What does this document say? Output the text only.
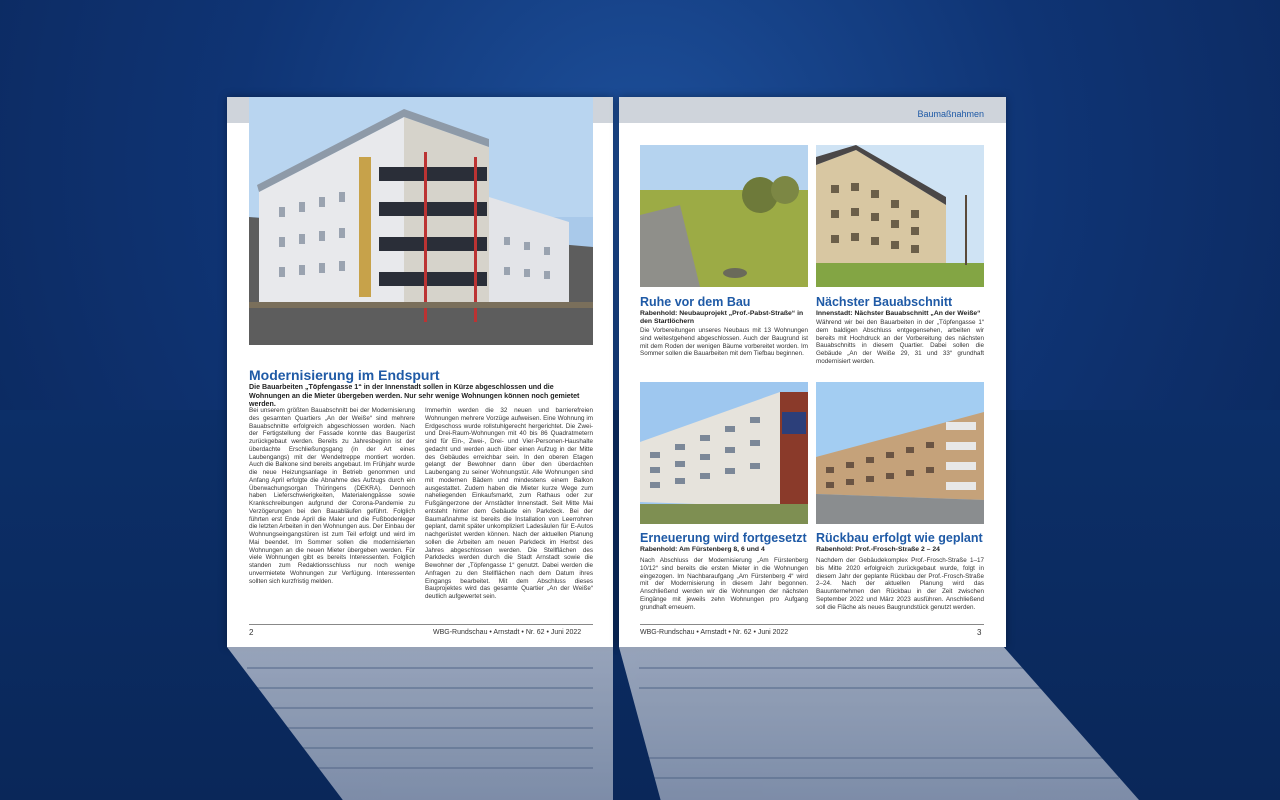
Modernisierung im Endspurt
Die Bauarbeiten „Töpfengasse 1“ in der Innenstadt sollen in Kürze abgeschlossen und die Wohnungen an die Mieter übergeben werden. Nur sehr wenige Wohnungen können noch gemietet werden.
Bei unserem größten Bauabschnitt bei der Modernisierung des gesamten Quartiers „An der Weiße“ sind mehrere Bauabschnitte erfolgreich abgeschlossen worden. Nach der Fertigstellung der Fassade konnte das Baugerüst zurückgebaut werden. Bereits zu Jahresbeginn ist der überdachte Erschließungsgang (in der Art eines Laubengangs) mit der Wendeltreppe montiert worden. Auch die Balkone sind bereits angebaut. Im Frühjahr wurde die neue Heizungsanlage in Betrieb genommen und Anfang April erfolgte die Abnahme des Aufzugs durch ein Überwachungsorgan Thüringens (DEKRA). Dennoch haben Lieferschwierigkeiten, Materialengpässe sowie Krankschreibungen aufgrund der Corona-Pandemie zu Verzögerungen bei den Bauabläufen geführt. Folglich führten erst Ende April die Maler und die Fußbodenleger die letzten Arbeiten in den Wohnungen aus. Der Einbau der Wohnungseingangstüren ist zum Teil erfolgt und wird im Mai beendet. Im Sommer sollen die modernisierten Wohnungen an die neuen Mieter übergeben werden. Für viele Wohnungen gibt es bereits Interessenten. Folglich standen zum Redaktionsschluss nur noch wenige unvermietete Wohnungen zur Verfügung. Interessenten sollten sich kurzfristig melden.
Immerhin werden die 32 neuen und barrierefreien Wohnungen mehrere Vorzüge aufweisen. Eine Wohnung im Erdgeschoss wurde rollstuhlgerecht hergerichtet. Die Zwei- und Drei-Raum-Wohnungen mit 40 bis 86 Quadratmetern sind für Ein-, Zwei-, Drei- und Vier-Personen-Haushalte gedacht und werden auch über einen Aufzug in der Mitte des Gebäudes erreichbar sein. In den oberen Etagen gelangt der Bewohner dann über den überdachten Laubengang zu seiner Wohnungstür. Alle Wohnungen sind mit modernen Bädern und mindestens einem Balkon ausgestattet. Zudem haben die Mieter kurze Wege zum naheliegenden Einkaufsmarkt, zum Rathaus oder zur Fußgängerzone der Arnstädter Innenstadt. Seit Mitte Mai entsteht hinter dem Gebäude ein Parkdeck. Bei der Baumaßnahme ist bereits die Installation von Leerrohren geplant, damit später unkompliziert Ladesäulen für E-Autos nachgerüstet werden können. Nach der aktuellen Planung sollen die Arbeiten am neuen Parkdeck im Herbst des Jahres abgeschlossen werden. Die Stellflächen des Parkdecks werden durch die Stadt Arnstadt sowie die Bewohner der „Töpfengasse 1“ genutzt. Dabei werden die Anfragen zu den Stellflächen nach dem Datum ihres Eingangs bearbeitet. Mit dem Abschluss dieses Bauprojektes wird das gesamte Quartier „An der Weiße“ deutlich aufgewertet sein.
2	WBG-Rundschau • Arnstadt • Nr. 62 • Juni 2022
Baumaßnahmen
Ruhe vor dem Bau
Rabenhold: Neubauprojekt „Prof.-Pabst-Straße“ in den Startlöchern
Die Vorbereitungen unseres Neubaus mit 13 Wohnungen sind weitestgehend abgeschlossen. Auch der Baugrund ist mit dem Roden der wenigen Bäume vorbereitet worden. Im Sommer sollen die Bauarbeiten mit dem Tiefbau beginnen.
Nächster Bauabschnitt
Innenstadt: Nächster Bauabschnitt „An der Weiße“
Während wir bei den Bauarbeiten in der „Töpfengasse 1“ dem baldigen Abschluss entgegensehen, arbeiten wir bereits mit Hochdruck an der Vorbereitung des nächsten Bauabschnitts in diesem Quartier. Dabei sollen die Gebäude „An der Weiße 29, 31 und 33“ grundhaft modernisiert werden.
Erneuerung wird fortgesetzt
Rabenhold: Am Fürstenberg 8, 6 und 4
Nach Abschluss der Modernisierung „Am Fürstenberg 10/12“ sind bereits die ersten Mieter in die Wohnungen eingezogen. Im Nachbaraufgang „Am Fürstenberg 4“ wird mit der Modernisierung in diesem Jahr begonnen. Anschließend werden wir die Wohnungen der nächsten Eingänge mit jeweils zehn Wohnungen pro Aufgang grundhaft erneuern.
Rückbau erfolgt wie geplant
Rabenhold: Prof.-Frosch-Straße 2 – 24
Nachdem der Gebäudekomplex Prof.-Frosch-Straße 1–17 bis Mitte 2020 erfolgreich zurückgebaut wurde, folgt in diesem Jahr der geplante Rückbau der Prof.-Frosch-Straße 2–24. Nach der aktuellen Planung wird das Bauunternehmen den Rückbau in der Zeit zwischen September 2022 und März 2023 ausführen. Anschließend soll die Fläche als neues Baugrundstück genutzt werden.
WBG-Rundschau • Arnstadt • Nr. 62 • Juni 2022	3
